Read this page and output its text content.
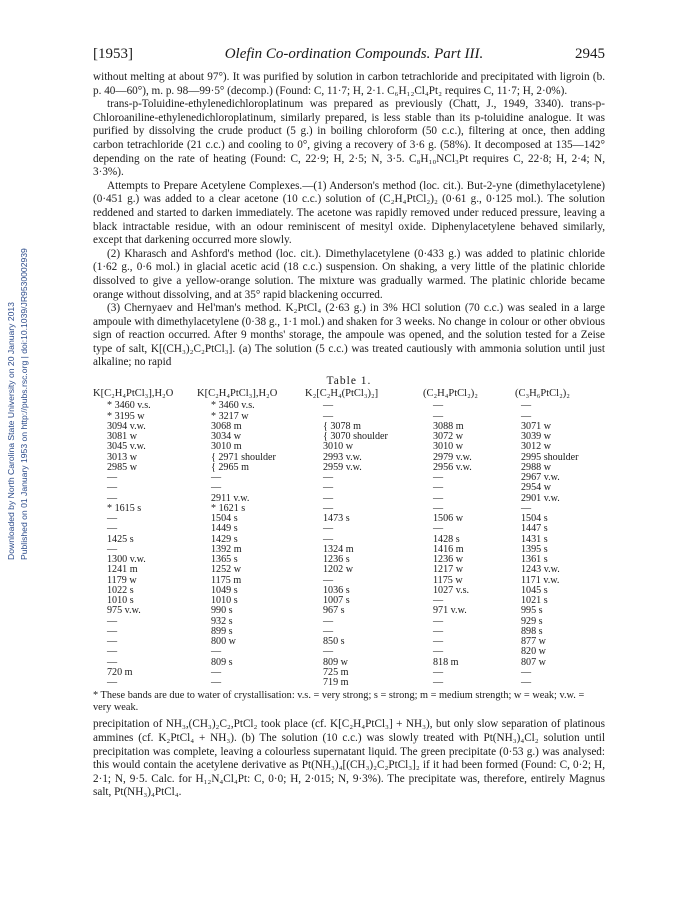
Downloaded by North Carolina State University on 20 January 2013 Published on 01 January 1953 on http://pubs.rsc.org | doi:10.1039/JR9530002939
[1953]	Olefin Co-ordination Compounds. Part III.	2945

without melting at about 97°). It was purified by solution in carbon tetrachloride and precipitated with ligroin (b. p. 40—60°), m. p. 98—99·5° (decomp.) (Found: C, 11·7; H, 2·1. C₆H₁₂Cl₄Pt₂ requires C, 11·7; H, 2·0%).

trans-p-Toluidine-ethylenedichloroplatinum was prepared as previously (Chatt, J., 1949, 3340). trans-p-Chloroaniline-ethylenedichloroplatinum, similarly prepared, is less stable than its p-toluidine analogue. It was purified by dissolving the crude product (5 g.) in boiling chloroform (50 c.c.), filtering at once, then adding carbon tetrachloride (21 c.c.) and cooling to 0°, giving a recovery of 3·6 g. (58%). It decomposed at 135—142° depending on the rate of heating (Found: C, 22·9; H, 2·5; N, 3·5. C₈H₁₀NCl₃Pt requires C, 22·8; H, 2·4; N, 3·3%).

Attempts to Prepare Acetylene Complexes.—(1) Anderson's method (loc. cit.). But-2-yne (dimethylacetylene) (0·451 g.) was added to a clear acetone (10 c.c.) solution of (C₂H₄PtCl₂)₂ (0·61 g., 0·125 mol.). The solution reddened and started to darken immediately. The acetone was rapidly removed under reduced pressure, leaving a black intractable residue, with an odour reminiscent of mesityl oxide. Diphenylacetylene behaved similarly, except that darkening occurred more slowly.

(2) Kharasch and Ashford's method (loc. cit.). Dimethylacetylene (0·433 g.) was added to platinic chloride (1·62 g., 0·6 mol.) in glacial acetic acid (18 c.c.) suspension. On shaking, a very little of the platinic chloride dissolved to give a yellow-orange solution. The mixture was gradually warmed. The platinic chloride became orange without dissolving, and at 35° rapid blackening occurred.

(3) Chernyaev and Hel'man's method. K₂PtCl₄ (2·63 g.) in 3% HCl solution (70 c.c.) was sealed in a large ampoule with dimethylacetylene (0·38 g., 1·1 mol.) and shaken for 3 weeks. No change in colour or other obvious sign of reaction occurred. After 9 months' storage, the ampoule was opened, and the solution tested for a Zeise type of salt, K[(CH₃)₂C₂PtCl₃]. (a) The solution (5 c.c.) was treated cautiously with ammonia solution until just alkaline; no rapid

Table 1.
K[C₂H₄PtCl₃],H₂O	K[C₂H₄PtCl₃],H₂O	K₂[C₂H₄(PtCl₃)₂]	(C₂H₄PtCl₂)₂	(C₃H₆PtCl₂)₂
* 3460 v.s.	* 3460 v.s.	—	—	—
* 3195 w	* 3217 w	—	—	—
3094 v.w.	3068 m	{ 3078 m	3088 m	3071 w
3081 w	3034 w	{ 3070 shoulder	3072 w	3039 w
3045 v.w.	3010 m	3010 w	3010 w	3012 w
3013 w	{ 2971 shoulder	2993 v.w.	2979 v.w.	2995 shoulder
2985 w	{ 2965 m	2959 v.w.	2956 v.w.	2988 w
—	—	—	—	2967 v.w.
—	—	—	—	2954 w
—	2911 v.w.	—	—	2901 v.w.
* 1615 s	* 1621 s	—	—	—
—	1504 s	1473 s	1506 w	1504 s
—	1449 s	—	—	1447 s
1425 s	1429 s	—	1428 s	1431 s
—	1392 m	1324 m	1416 m	1395 s
1300 v.w.	1365 s	1236 s	1236 w	1361 s
1241 m	1252 w	1202 w	1217 w	1243 v.w.
1179 w	1175 m	—	1175 w	1171 v.w.
1022 s	1049 s	1036 s	1027 v.s.	1045 s
1010 s	1010 s	1007 s	—	1021 s
975 v.w.	990 s	967 s	971 v.w.	995 s
—	932 s	—	—	929 s
—	899 s	—	—	898 s
—	800 w	850 s	—	877 w
—	—	—	—	820 w
—	809 s	809 w	818 m	807 w
720 m	—	725 m	—	—
—	—	719 m	—	—
* These bands are due to water of crystallisation: v.s. = very strong; s = strong; m = medium strength; w = weak; v.w. = very weak.

precipitation of NH₃,(CH₃)₂C₂,PtCl₂ took place (cf. K[C₂H₄PtCl₃] + NH₃), but only slow separation of platinous ammines (cf. K₂PtCl₄ + NH₃). (b) The solution (10 c.c.) was slowly treated with Pt(NH₃)₄Cl₂ solution until precipitation was complete, leaving a colourless supernatant liquid. The green precipitate (0·53 g.) was analysed: this would contain the acetylene derivative as Pt(NH₃)₄[(CH₃)₂C₂PtCl₃]₂ if it had been formed (Found: C, 0·2; H, 2·1; N, 9·5. Calc. for H₁₂N₄Cl₄Pt: C, 0·0; H, 2·015; N, 9·3%). The precipitate was, therefore, entirely Magnus salt, Pt(NH₃)₄PtCl₄.
